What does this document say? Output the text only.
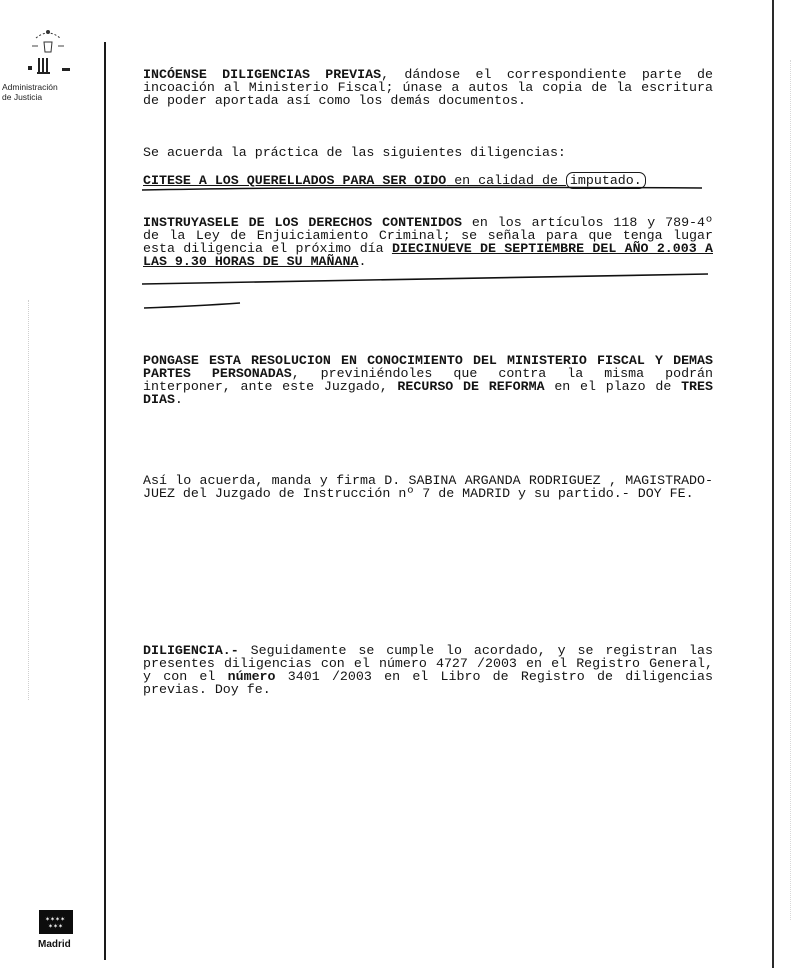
Administración
de Justicia
✶✶✶✶
✶✶✶
Madrid
INCÓENSE DILIGENCIAS PREVIAS, dándose el correspondiente parte de incoación al Ministerio Fiscal; únase a autos la copia de la escritura de poder aportada así como los demás documentos.
Se acuerda la práctica de las siguientes diligencias:
CITESE A LOS QUERELLADOS PARA SER OIDO en calidad de imputado.
INSTRUYASELE DE LOS DERECHOS CONTENIDOS en los artículos 118 y 789-4º de la Ley de Enjuiciamiento Criminal; se señala para que tenga lugar esta diligencia el próximo día DIECINUEVE DE SEPTIEMBRE DEL AÑO 2.003 A LAS 9.30 HORAS DE SU MAÑANA.
PONGASE ESTA RESOLUCION EN CONOCIMIENTO DEL MINISTERIO FISCAL Y DEMAS PARTES PERSONADAS, previniéndoles que contra la misma podrán interponer, ante este Juzgado, RECURSO DE REFORMA en el plazo de TRES DIAS.
Así lo acuerda, manda y firma D. SABINA ARGANDA RODRIGUEZ , MAGISTRADO-JUEZ del Juzgado de Instrucción nº 7 de MADRID y su partido.- DOY FE.
DILIGENCIA.- Seguidamente se cumple lo acordado, y se registran las presentes diligencias con el número 4727 /2003 en el Registro General, y con el número 3401 /2003 en el Libro de Registro de diligencias previas. Doy fe.
